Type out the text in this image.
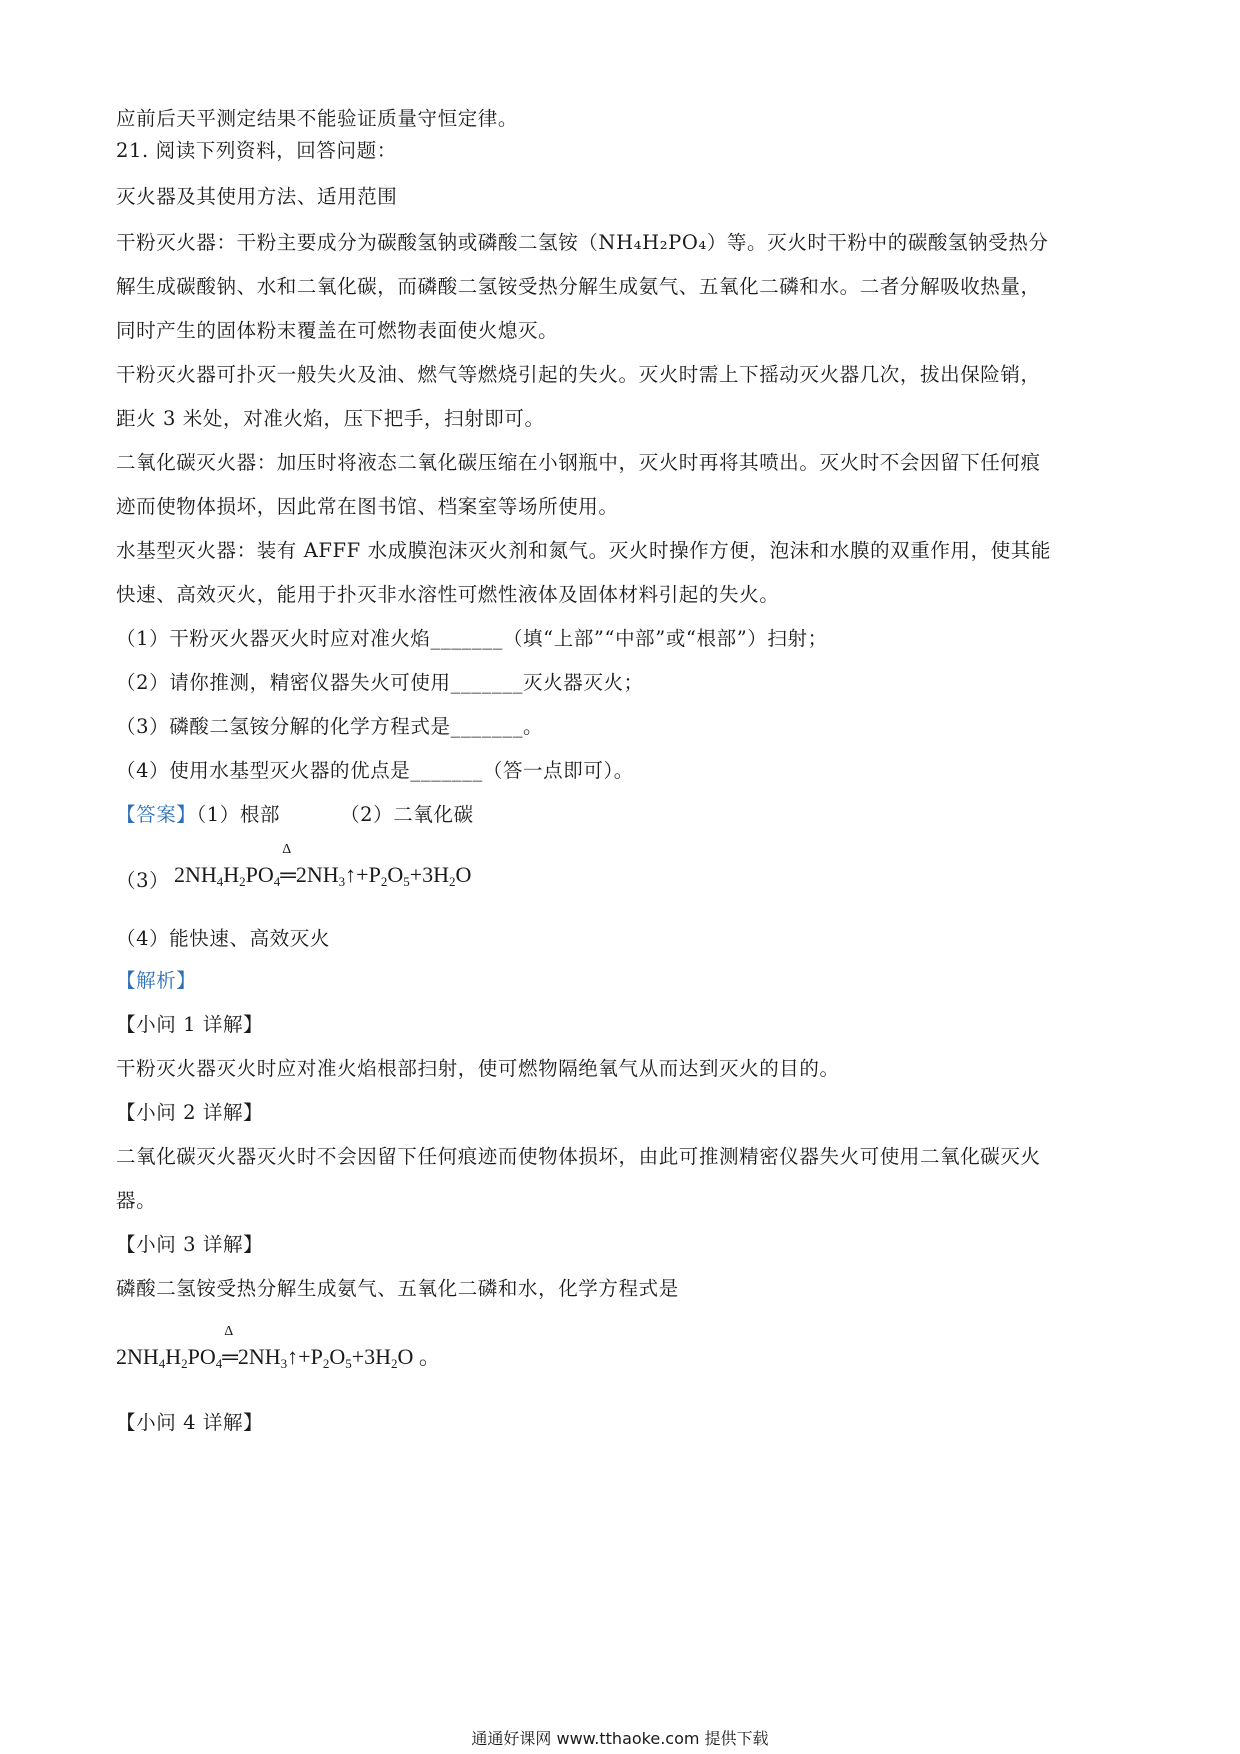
应前后天平测定结果不能验证质量守恒定律。
21. 阅读下列资料，回答问题：
灭火器及其使用方法、适用范围
干粉灭火器：干粉主要成分为碳酸氢钠或磷酸二氢铵（NH₄H₂PO₄）等。灭火时干粉中的碳酸氢钠受热分
解生成碳酸钠、水和二氧化碳，而磷酸二氢铵受热分解生成氨气、五氧化二磷和水。二者分解吸收热量，
同时产生的固体粉末覆盖在可燃物表面使火熄灭。
干粉灭火器可扑灭一般失火及油、燃气等燃烧引起的失火。灭火时需上下摇动灭火器几次，拔出保险销，
距火 3 米处，对准火焰，压下把手，扫射即可。
二氧化碳灭火器：加压时将液态二氧化碳压缩在小钢瓶中，灭火时再将其喷出。灭火时不会因留下任何痕
迹而使物体损坏，因此常在图书馆、档案室等场所使用。
水基型灭火器：装有 AFFF 水成膜泡沫灭火剂和氮气。灭火时操作方便，泡沫和水膜的双重作用，使其能
快速、高效灭火，能用于扑灭非水溶性可燃性液体及固体材料引起的失火。
（1）干粉灭火器灭火时应对准火焰_______（填“上部”“中部”或“根部”）扫射；
（2）请你推测，精密仪器失火可使用_______灭火器灭火；
（3）磷酸二氢铵分解的化学方程式是_______。
（4）使用水基型灭火器的优点是_______（答一点即可）。
【答案】（1）根部	（2）二氧化碳
（3） $2NH_4H_2PO_4$
Δ
$═2NH_3↑+P_2O_5+3H_2O$
（4）能快速、高效灭火
【解析】
【小问 1 详解】
干粉灭火器灭火时应对准火焰根部扫射，使可燃物隔绝氧气从而达到灭火的目的。
【小问 2 详解】
二氧化碳灭火器灭火时不会因留下任何痕迹而使物体损坏，由此可推测精密仪器失火可使用二氧化碳灭火
器。
【小问 3 详解】
磷酸二氢铵受热分解生成氨气、五氧化二磷和水，化学方程式是
$2NH_4H_2PO_4$
Δ
$═2NH_3↑+P_2O_5+3H_2O$ 。
【小问 4 详解】
通通好课网 www.tthaoke.com 提供下载
